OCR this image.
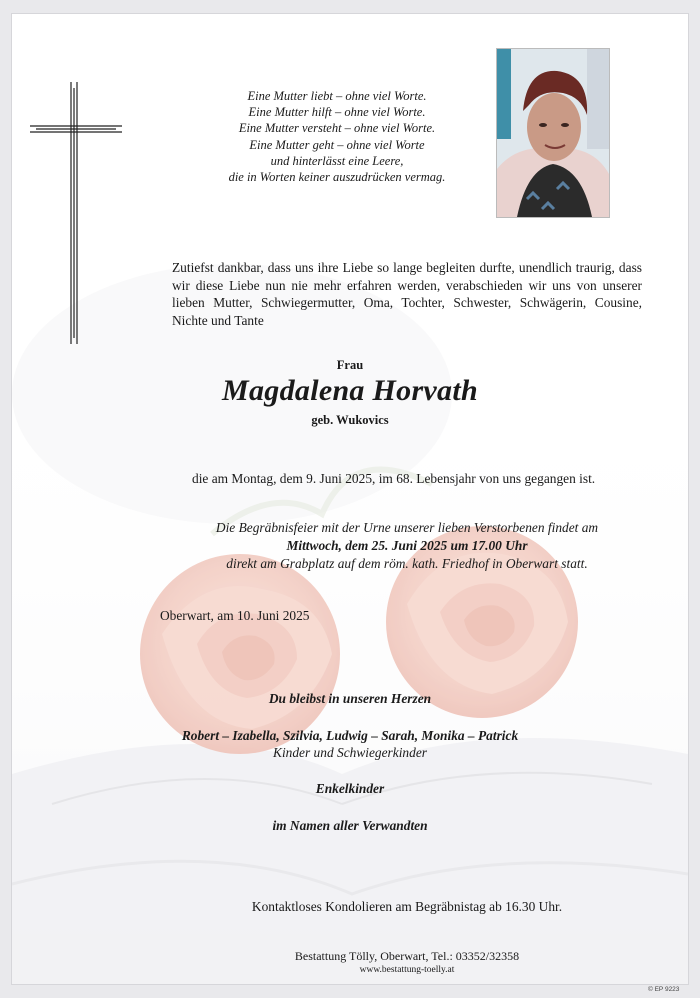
Eine Mutter liebt – ohne viel Worte.
Eine Mutter hilft – ohne viel Worte.
Eine Mutter versteht – ohne viel Worte.
Eine Mutter geht – ohne viel Worte
und hinterlässt eine Leere,
die in Worten keiner auszudrücken vermag.
Zutiefst dankbar, dass uns ihre Liebe so lange begleiten durfte, unendlich traurig, dass wir diese Liebe nun nie mehr erfahren werden, verabschieden wir uns von unserer lieben Mutter, Schwiegermutter, Oma, Tochter, Schwester, Schwägerin, Cousine, Nichte und Tante
Frau
Magdalena Horvath
geb. Wukovics
die am Montag, dem 9. Juni 2025, im 68. Lebensjahr von uns gegangen ist.
Die Begräbnisfeier mit der Urne unserer lieben Verstorbenen findet am
Mittwoch, dem 25. Juni 2025 um 17.00 Uhr
direkt am Grabplatz auf dem röm. kath. Friedhof in Oberwart statt.
Oberwart, am 10. Juni 2025
Du bleibst in unseren Herzen
Robert – Izabella, Szilvia, Ludwig – Sarah, Monika – Patrick
Kinder und Schwiegerkinder
Enkelkinder
im Namen aller Verwandten
Kontaktloses Kondolieren am Begräbnistag ab 16.30 Uhr.
Bestattung Tölly, Oberwart, Tel.: 03352/32358
www.bestattung-toelly.at
© EP 9223
